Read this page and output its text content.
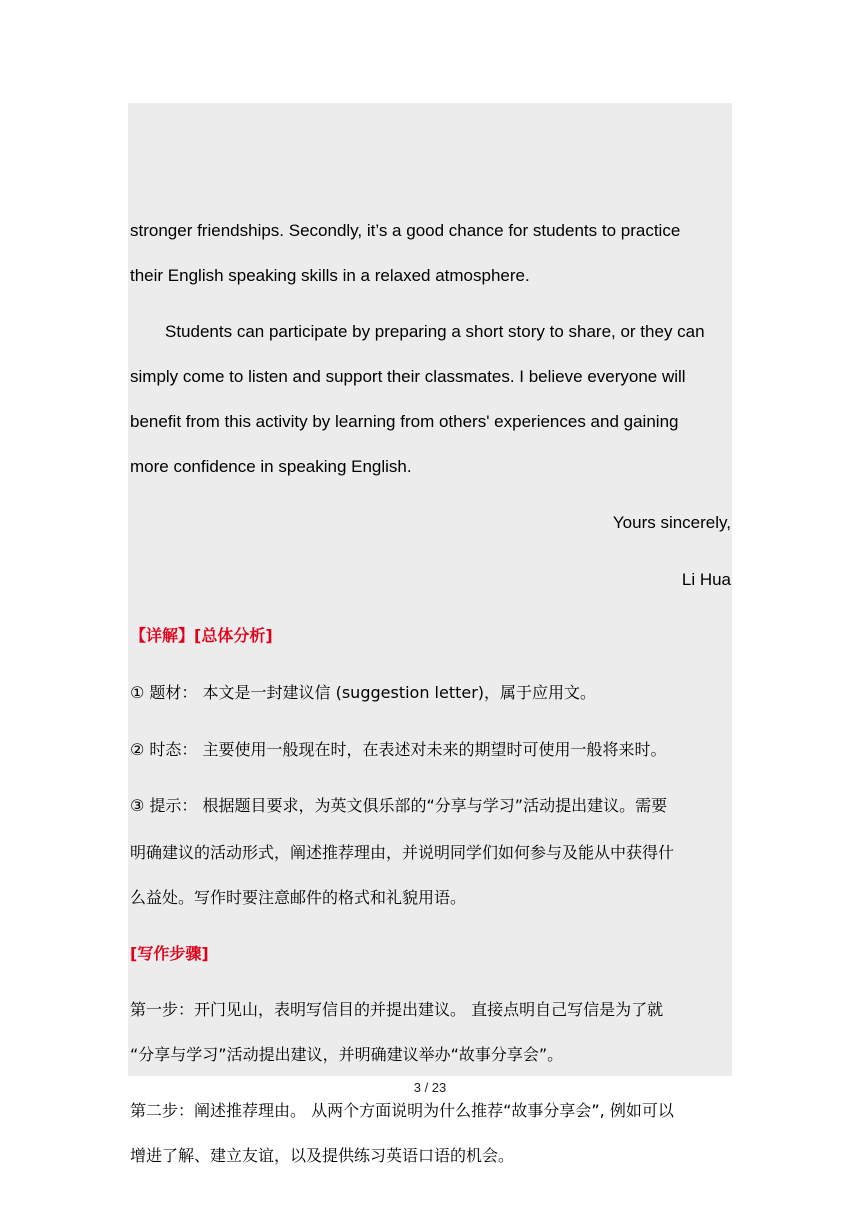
stronger friendships. Secondly, it’s a good chance for students to practice
their English speaking skills in a relaxed atmosphere.
Students can participate by preparing a short story to share, or they can
simply come to listen and support their classmates. I believe everyone will
benefit from this activity by learning from others' experiences and gaining
more confidence in speaking English.
Yours sincerely,
Li Hua
【详解】[总体分析]
① 题材： 本文是一封建议信 (suggestion letter)，属于应用文。
② 时态： 主要使用一般现在时，在表述对未来的期望时可使用一般将来时。
③ 提示： 根据题目要求，为英文俱乐部的“分享与学习”活动提出建议。需要
明确建议的活动形式，阐述推荐理由，并说明同学们如何参与及能从中获得什
么益处。写作时要注意邮件的格式和礼貌用语。
[写作步骤]
第一步：开门见山，表明写信目的并提出建议。 直接点明自己写信是为了就
“分享与学习”活动提出建议，并明确建议举办“故事分享会”。
第二步：阐述推荐理由。 从两个方面说明为什么推荐“故事分享会”, 例如可以
增进了解、建立友谊，以及提供练习英语口语的机会。
3 / 23
